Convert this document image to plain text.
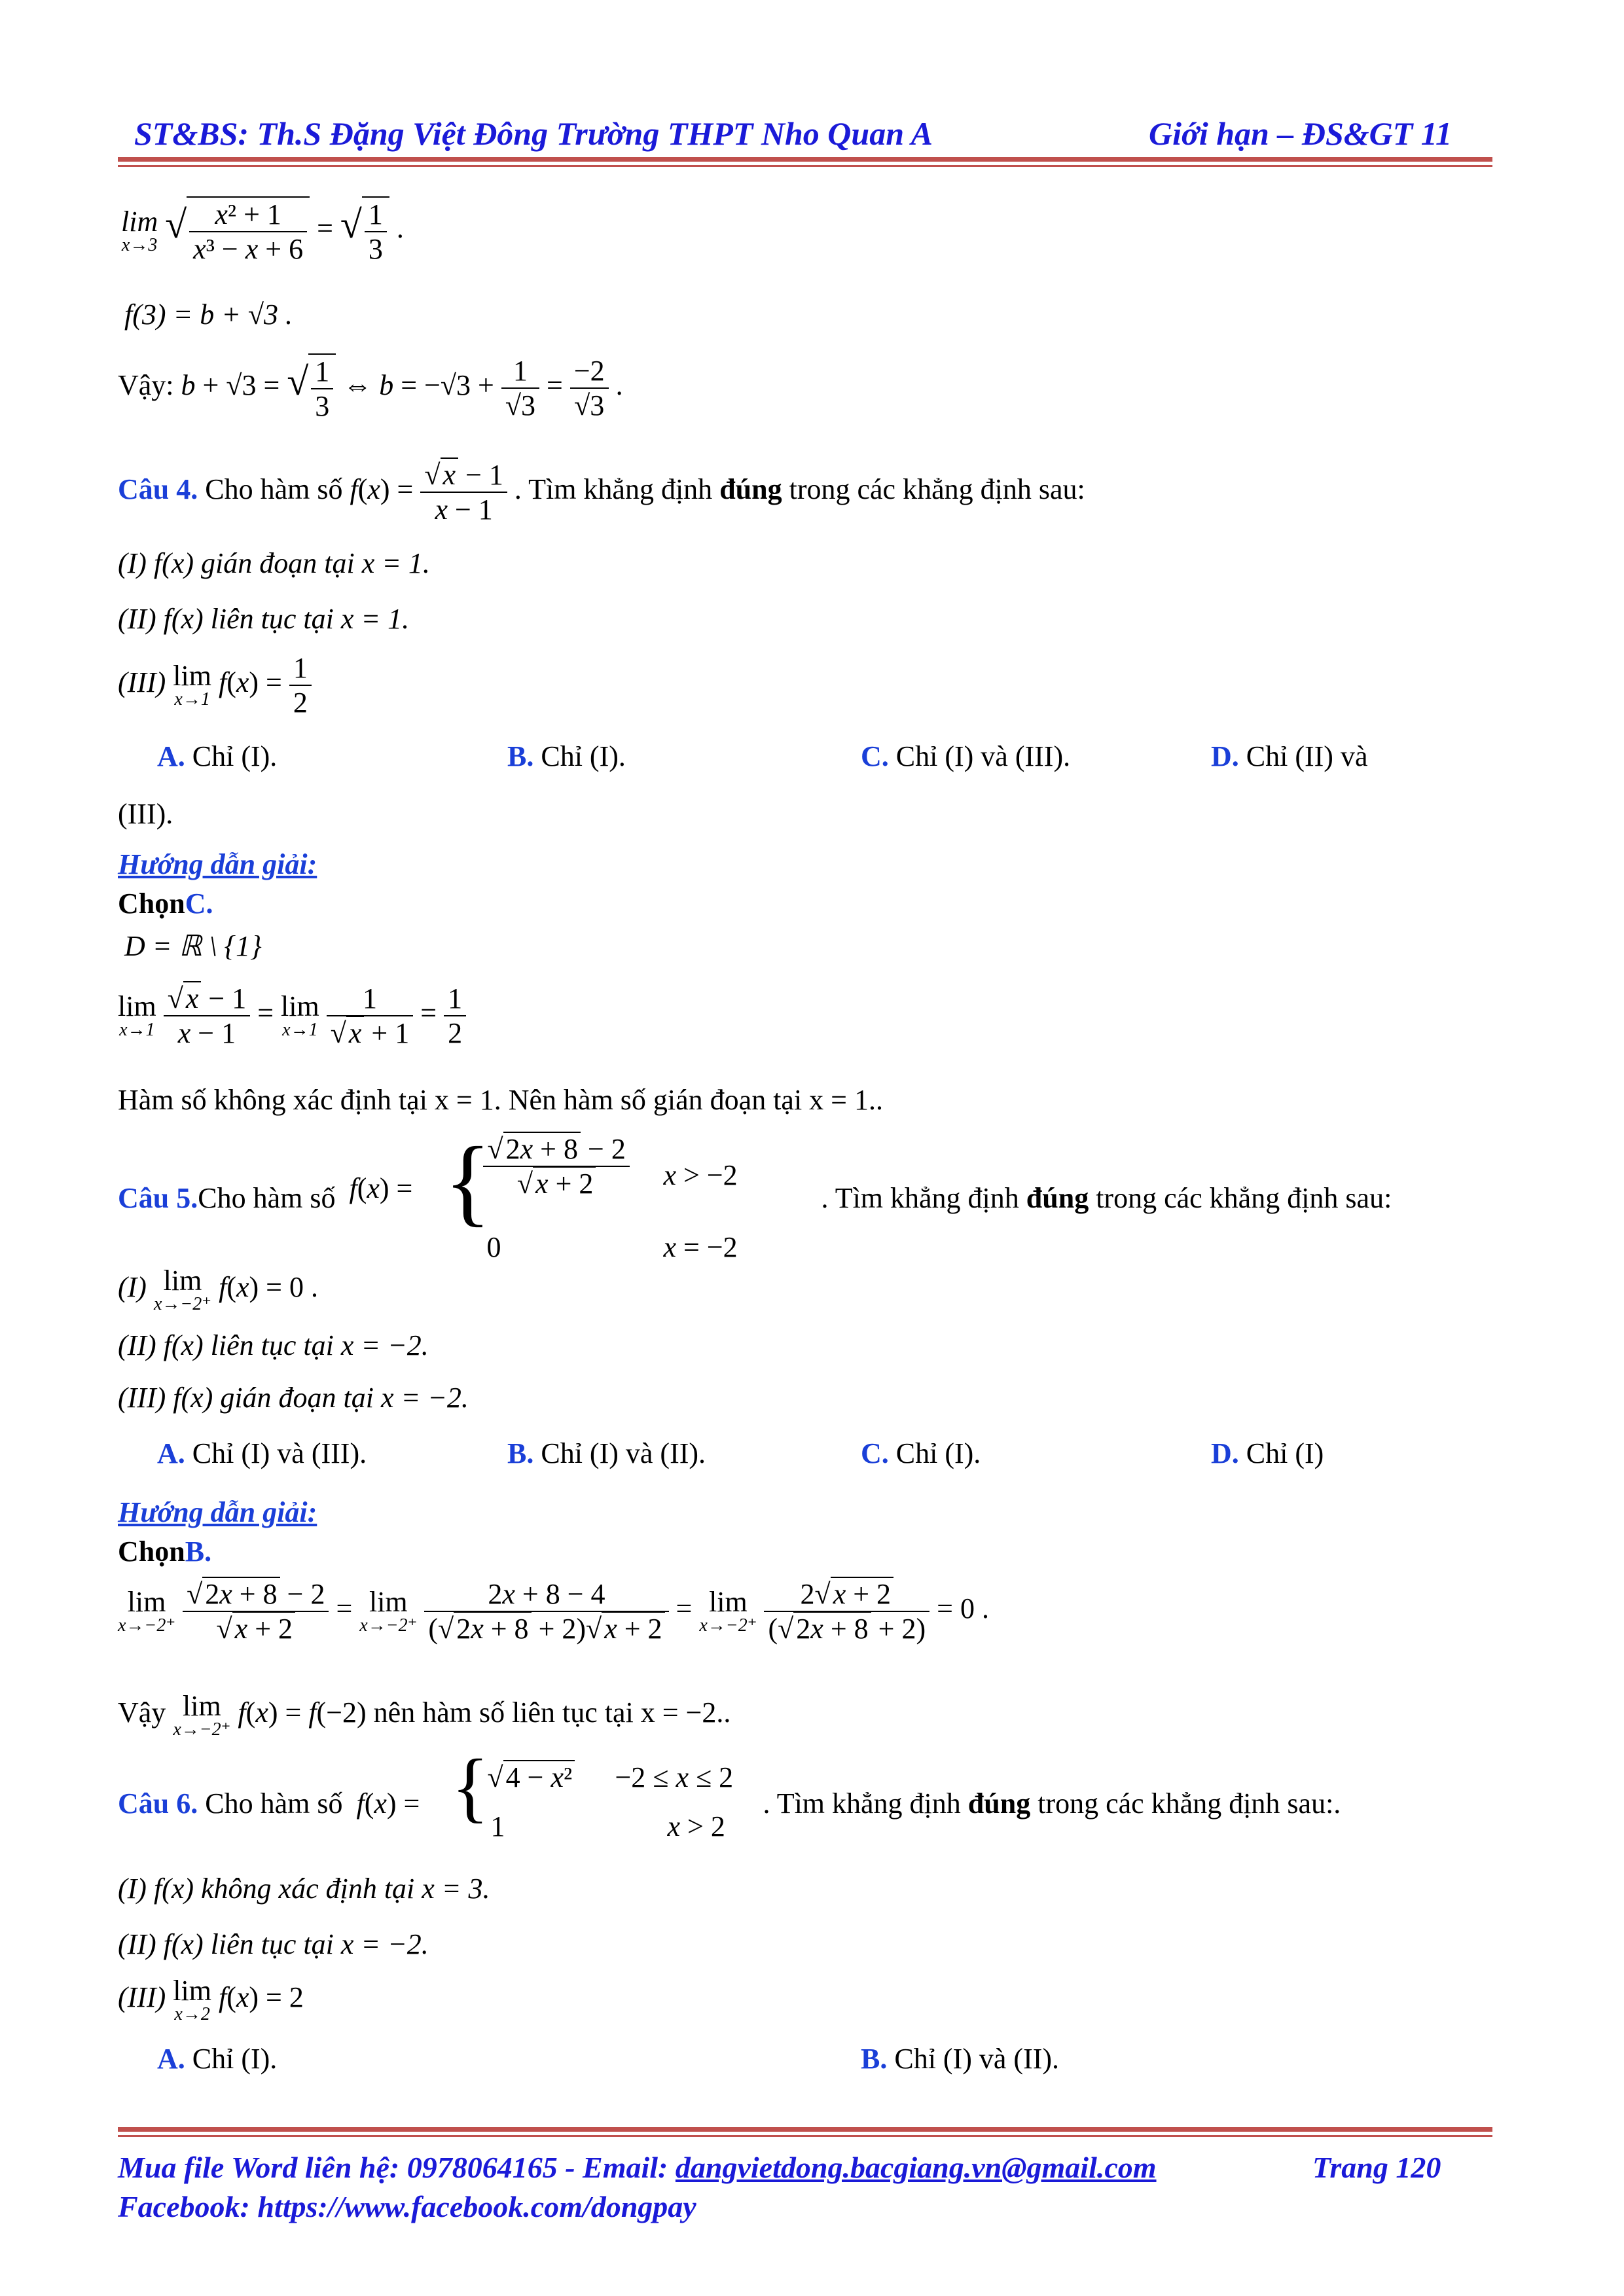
ST&BS: Th.S Đặng Việt Đông Trường THPT Nho Quan A	Giới hạn – ĐS&GT 11
lim
x→3 √ $\frac{\text{x² + 1}}{\text{x³ − x + 6}}$ = √ $\frac{1}{3}$ .
f(3) = b + √3 .
Vậy: b + √3 = √ $\frac{1}{3}$ ⇔ $b = -√3 + \frac{1}{√3} = \frac{-2}{√3}$ .
Câu 4. Cho hàm số $f(x) = \frac{√x - 1}{x - 1}$ . Tìm khẳng định đúng trong các khẳng định sau:
(I) f(x) gián đoạn tại x = 1.
(II) f(x) liên tục tại x = 1.
(III) lim
x→1
$f(x) = \frac{1}{2}$
A. Chỉ (I).	B. Chỉ (I).	C. Chỉ (I) và (III).	D. Chỉ (II) và
(III).
Hướng dẫn giải:
ChọnC.
D = ℝ \ {1}
lim
x→1
$\frac{√x - 1}{x - 1} = \lim$
x→1
$\frac{1}{√x + 1} = \frac{1}{2}$
Hàm số không xác định tại x = 1. Nên hàm số gián đoạn tại x = 1..
Câu 5.Cho hàm số f(x) = {
$\frac{√2x + 8 - 2}{√x + 2}$ x > −2
0	x = −2
. Tìm khẳng định đúng trong các khẳng định sau:
(I) lim
x→−2⁺
f(x) = 0 .
(II) f(x) liên tục tại x = −2.
(III) f(x) gián đoạn tại x = −2.
A. Chỉ (I) và (III).	B. Chỉ (I) và (II).	C. Chỉ (I).	D. Chỉ (I)
Hướng dẫn giải:
ChọnB.
lim
x→−2⁺
$\frac{√2x + 8 - 2}{√x + 2} = \lim$
x→−2⁺
$\frac{2x + 8 - 4}{(√2x + 8 + 2)√x + 2} = \lim$
x→−2⁺
$\frac{2√x + 2}{(√2x + 8 + 2)} = 0$ .
Vậy lim
x→−2⁺
f(x) = f(−2) nên hàm số liên tục tại x = −2..
Câu 6. Cho hàm số f(x) = {
√4 − x² −2 ≤ x ≤ 2
1	x > 2
. Tìm khẳng định đúng trong các khẳng định sau:.
(I) f(x) không xác định tại x = 3.
(II) f(x) liên tục tại x = −2.
(III) lim
x→2
f(x) = 2
A. Chỉ (I).	B. Chỉ (I) và (II).
Mua file Word liên hệ: 0978064165 - Email: dangvietdong.bacgiang.vn@gmail.com	Trang 120
Facebook: https://www.facebook.com/dongpay
